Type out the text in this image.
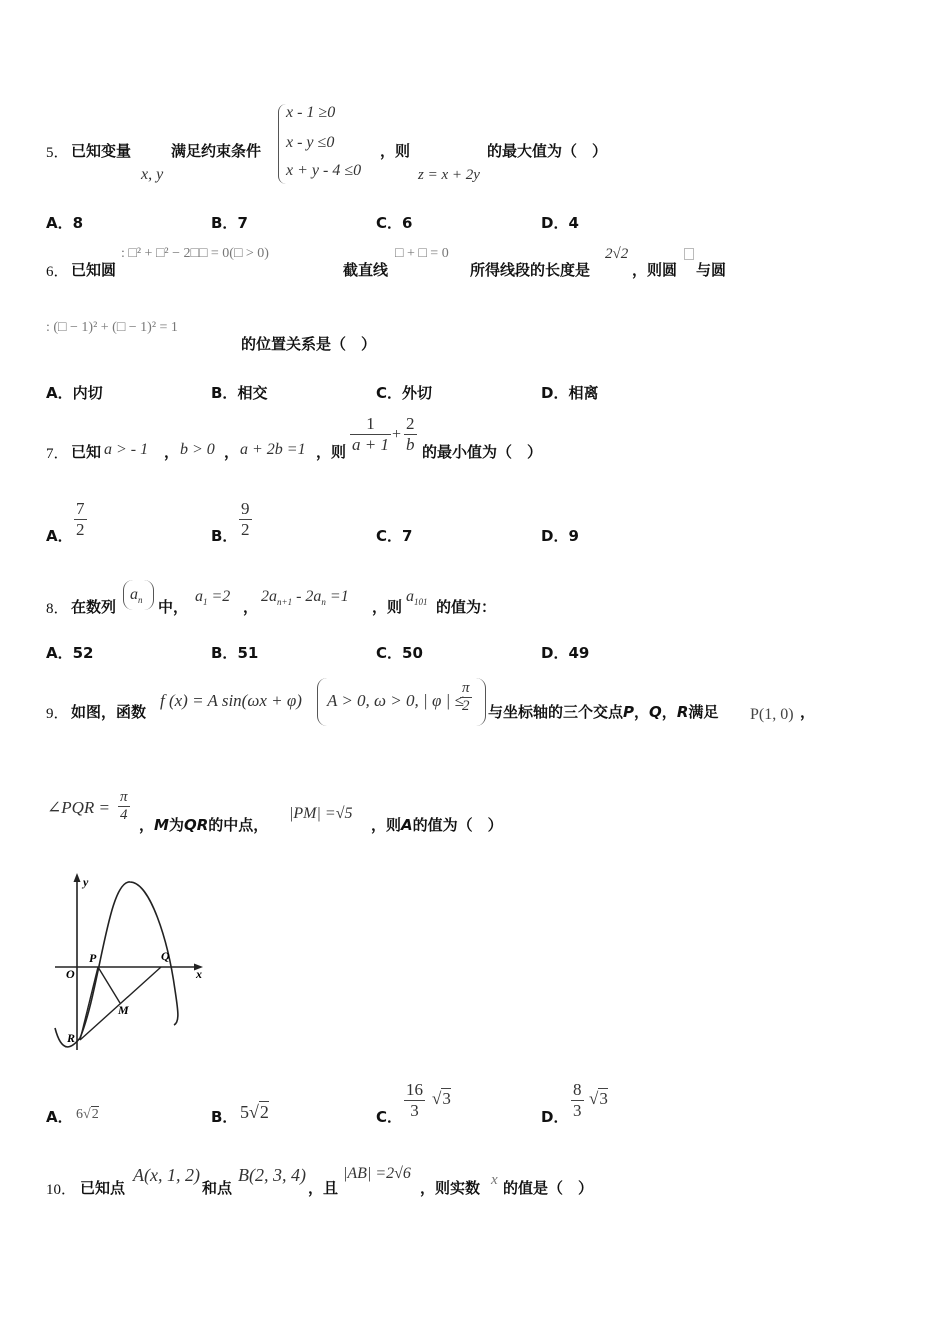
5． 已知变量
x, y
满足约束条件
x - 1 ≥0
x - y ≤0
x + y - 4 ≤0
，则
z = x + 2y
的最大值为（　）
A．8	B．7	C．6	D．4
6． 已知圆
: □² + □² − 2□□ = 0(□ > 0)
截直线
□ + □ = 0
所得线段的长度是
2√2
，则圆 与圆
: (□ − 1)² + (□ − 1)² = 1
的位置关系是（　）
A．内切	B．相交	C．外切	D．相离
7． 已知 a > - 1 ， b > 0 ， a + 2b =1 ，则 $\frac{1}{a + 1} + \frac{2}{b}$ 的最小值为（　）
A． $\frac{7}{2}$	B． $\frac{9}{2}$	C．7	D．9
8． 在数列
$a_n$ 中，
$a_1 =2$
，
$2a_{n+1} - 2a_n =1$
，则
$a_{101}$ 的值为：
A．52	B．51	C．50	D．49
9． 如图，函数
f (x) = A sin(ωx + φ) A > 0, ω > 0, | φ | ≤
$\frac{\pi}{2}$ 与坐标轴的三个交点P，Q，R满足 P(1, 0) ，
∠PQR = $\frac{\pi}{4}$
，M为QR的中点，
|PM| =√5
，则A的值为（　）
y
x
O
P	Q
M
R
A． 6√2	B． 5√2	C． $\frac{16}{3} √3$
D． $\frac{8}{3} √3$
10． 已知点
A(x, 1, 2)
和点
B(2, 3, 4)
，且
|AB| =2√6
，则实数 x 的值是（　）
